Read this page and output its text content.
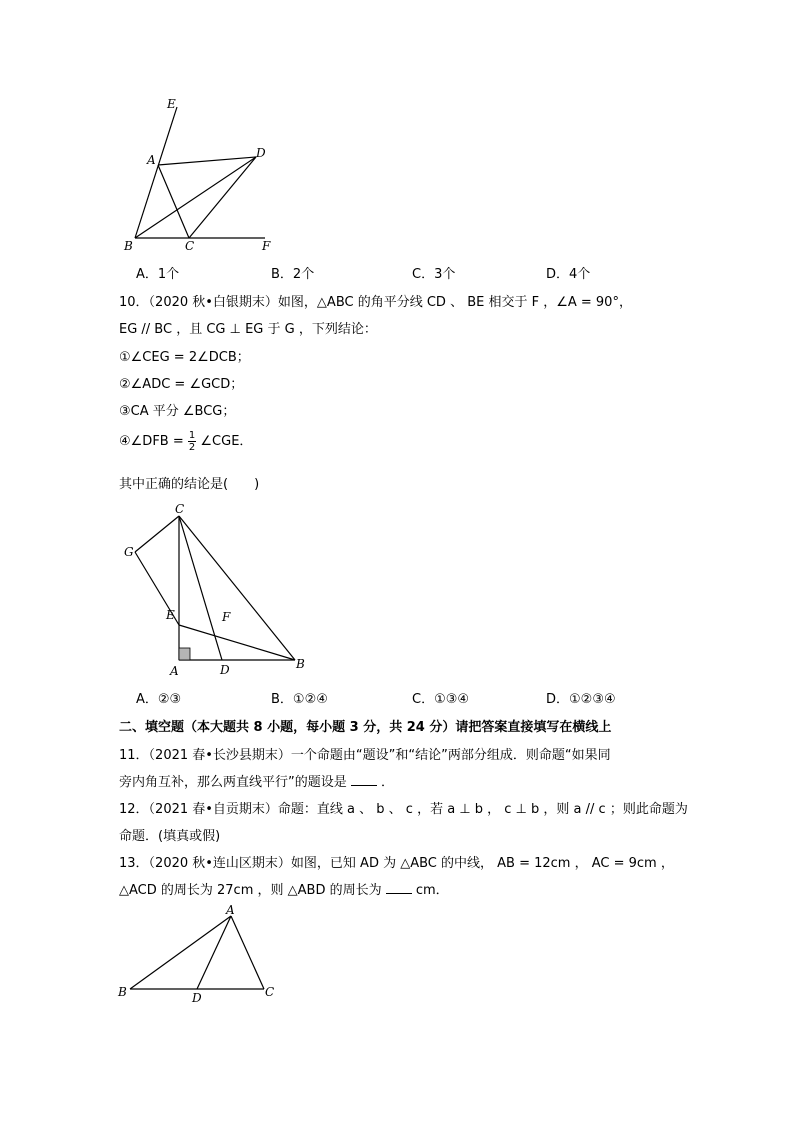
E
A	D
B	C	F
A．1个	B．2个	C．3个	D．4个
10．（2020 秋•白银期末）如图，△ABC 的角平分线 CD 、 BE 相交于 F ，∠A = 90°，
EG // BC ，且 CG ⊥ EG 于 G ，下列结论：
①∠CEG = 2∠DCB；
②∠ADC = ∠GCD；
③CA 平分 ∠BCG；
④∠DFB = $\frac{1}{2}$ ∠CGE．
其中正确的结论是(　　)
C
G
E	F
A	D	B
A．②③	B．①②④	C．①③④	D．①②③④
二、填空题（本大题共 8 小题，每小题 3 分，共 24 分）请把答案直接填写在横线上
11．（2021 春•长沙县期末）一个命题由“题设”和“结论”两部分组成．则命题“如果同
旁内角互补，那么两直线平行”的题设是	．
12．（2021 春•自贡期末）命题：直线 a 、 b 、 c ，若 a ⊥ b ， c ⊥ b ，则 a // c ；则此命题为
命题．(填真或假)
13．（2020 秋•连山区期末）如图，已知 AD 为 △ABC 的中线， AB = 12cm ， AC = 9cm ，
△ACD 的周长为 27cm ，则 △ABD 的周长为	cm．
A
B	D	C
